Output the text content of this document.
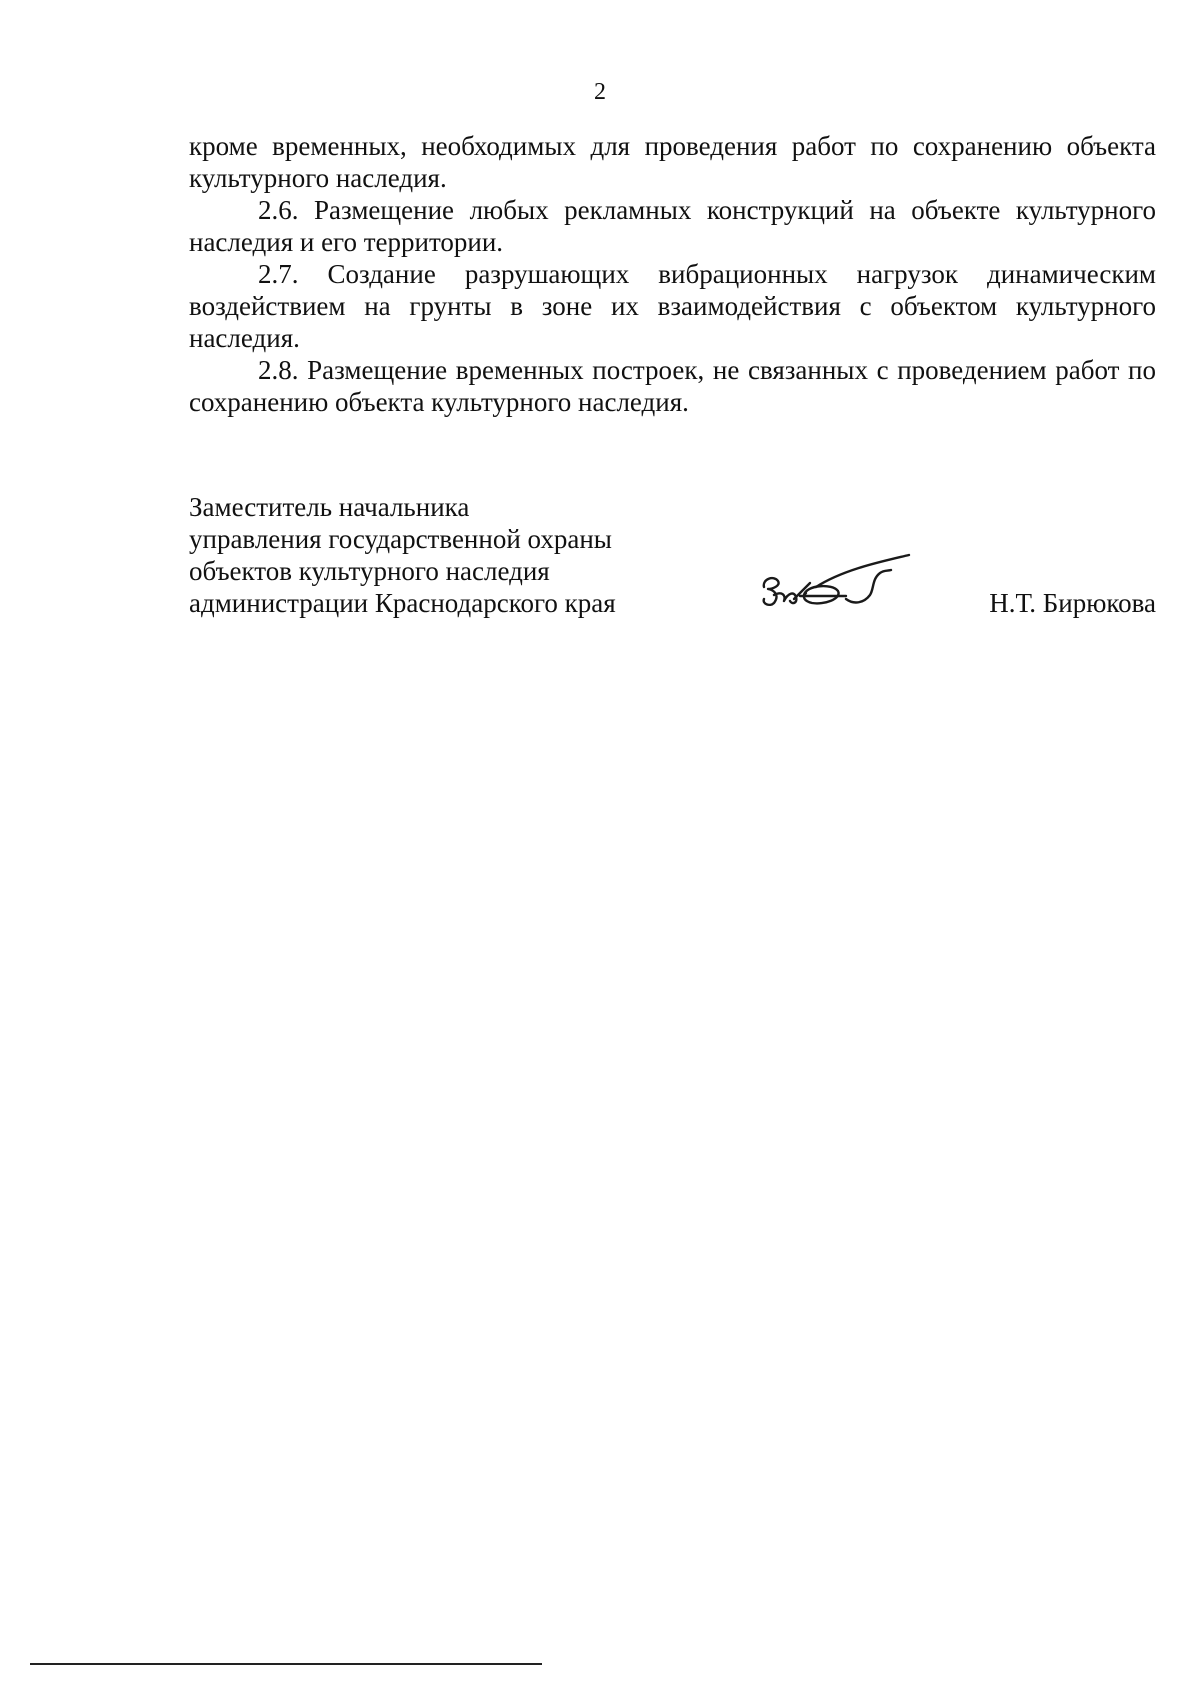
2

кроме временных, необходимых для проведения работ по сохранению объекта культурного наследия.

2.6. Размещение любых рекламных конструкций на объекте культурного наследия и его территории.

2.7. Создание разрушающих вибрационных нагрузок динамическим воздействием на грунты в зоне их взаимодействия с объектом культурного наследия.

2.8. Размещение временных построек, не связанных с проведением работ по сохранению объекта культурного наследия.

Заместитель начальника
управления государственной охраны
объектов культурного наследия
администрации Краснодарского края	Н.Т. Бирюкова
